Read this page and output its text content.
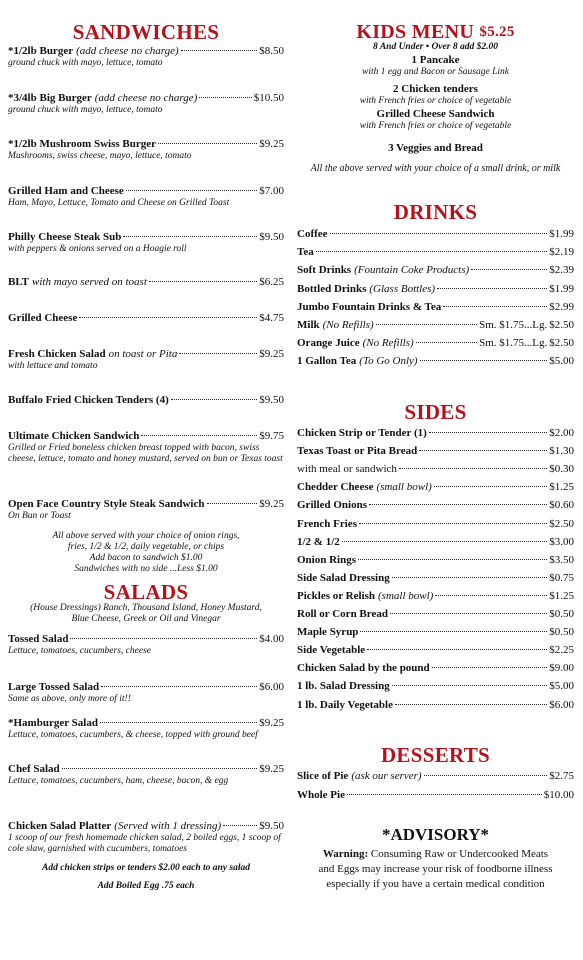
SANDWICHES
*1/2lb Burger (add cheese no charge)	$8.50
ground chuck with mayo, lettuce, tomato
*3/4lb Big Burger (add cheese no charge)	$10.50
ground chuck with mayo, lettuce, tomato
*1/2lb Mushroom Swiss Burger	$9.25
Mushrooms, swiss cheese, mayo, lettuce, tomato
Grilled Ham and Cheese	$7.00
Ham, Mayo, Lettuce, Tomato and Cheese on Grilled Toast
Philly Cheese Steak Sub	$9.50
with peppers & onions served on a Hoagie roll
BLT with mayo served on toast	$6.25
Grilled Cheese	$4.75
Fresh Chicken Salad on toast or Pita	$9.25
with lettuce and tomato
Buffalo Fried Chicken Tenders (4)	$9.50
Ultimate Chicken Sandwich	$9.75
Grilled or Fried boneless chicken breast topped with bacon, swiss cheese, lettuce, tomato and honey mustard, served on bun or Texas toast
Open Face Country Style Steak Sandwich	$9.25
On Bun or Toast
All above served with your choice of onion rings,
fries, 1/2 & 1/2, daily vegetable, or chips
Add bacon to sandwich $1.00
Sandwiches with no side ...Less $1.00
SALADS
(House Dressings) Ranch, Thousand Island, Honey Mustard,
Blue Cheese, Greek or Oil and Vinegar
Tossed Salad	$4.00
Lettuce, tomatoes, cucumbers, cheese
Large Tossed Salad	$6.00
Same as above, only more of it!!
*Hamburger Salad	$9.25
Lettuce, tomatoes, cucumbers, & cheese, topped with ground beef
Chef Salad	$9.25
Lettuce, tomatoes, cucumbers, ham, cheese, bacon, & egg
Chicken Salad Platter (Served with 1 dressing)	$9.50
1 scoop of our fresh homemade chicken salad, 2 boiled eggs, 1 scoop of cole slaw, garnished with cucumbers, tomatoes
Add chicken strips or tenders $2.00 each to any salad
Add Boiled Egg .75 each
KIDS MENU $5.25
8 And Under • Over 8 add $2.00
1 Pancake
with 1 egg and Bacon or Sausage Link
2 Chicken tenders
with French fries or choice of vegetable
Grilled Cheese Sandwich
with French fries or choice of vegetable
3 Veggies and Bread
All the above served with your choice of a small drink, or milk
DRINKS
Coffee	$1.99
Tea	$2.19
Soft Drinks (Fountain Coke Products)	$2.39
Bottled Drinks (Glass Bottles)	$1.99
Jumbo Fountain Drinks & Tea	$2.99
Milk (No Refills)	Sm. $1.75...Lg. $2.50
Orange Juice (No Refills)	Sm. $1.75...Lg. $2.50
1 Gallon Tea (To Go Only)	$5.00
SIDES
Chicken Strip or Tender (1)	$2.00
Texas Toast or Pita Bread	$1.30
with meal or sandwich	$0.30
Chedder Cheese (small bowl)	$1.25
Grilled Onions	$0.60
French Fries	$2.50
1/2 & 1/2	$3.00
Onion Rings	$3.50
Side Salad Dressing	$0.75
Pickles or Relish (small bowl)	$1.25
Roll or Corn Bread	$0.50
Maple Syrup	$0.50
Side Vegetable	$2.25
Chicken Salad by the pound	$9.00
1 lb. Salad Dressing	$5.00
1 lb. Daily Vegetable	$6.00
DESSERTS
Slice of Pie (ask our server)	$2.75
Whole Pie	$10.00
*ADVISORY*
Warning: Consuming Raw or Undercooked Meats
and Eggs may increase your risk of foodborne illness
especially if you have a certain medical condition
